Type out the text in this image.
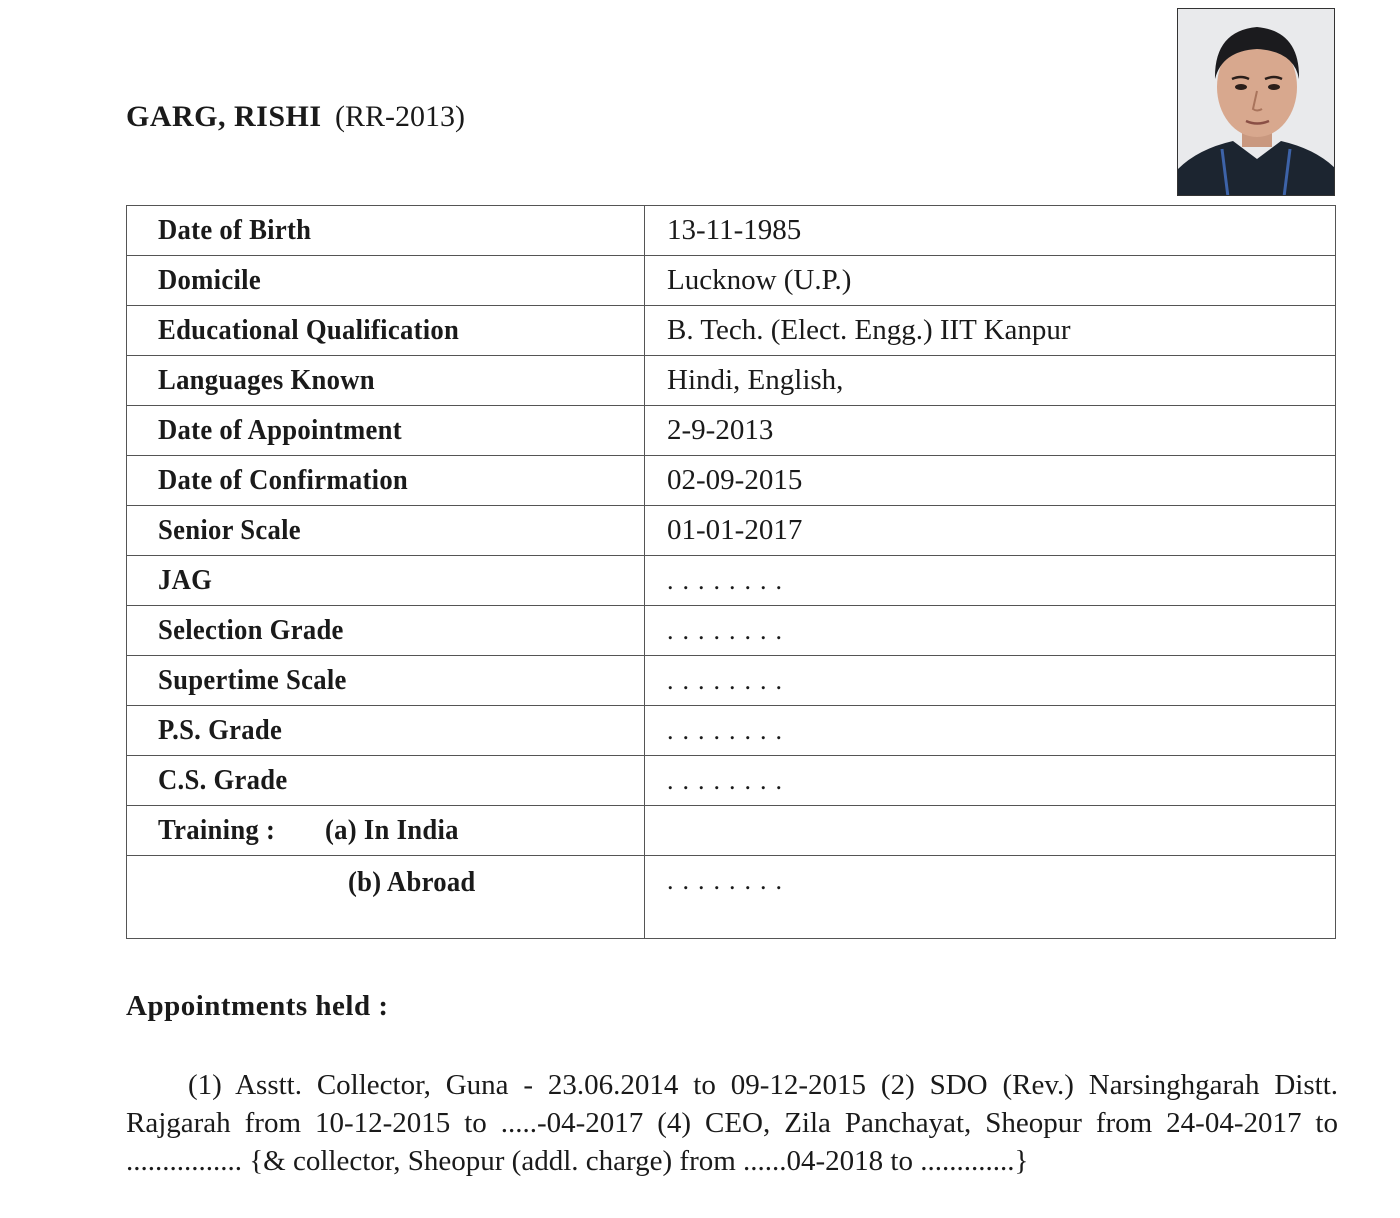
GARG, RISHI (RR-2013)
Date of Birth	13-11-1985
Domicile	Lucknow (U.P.)
Educational Qualification	B. Tech. (Elect. Engg.) IIT Kanpur
Languages Known	Hindi, English,
Date of Appointment	2-9-2013
Date of Confirmation	02-09-2015
Senior Scale	01-01-2017
JAG	........
Selection Grade	........
Supertime Scale	........
P.S. Grade	........
C.S. Grade	........
Training : (a) In India	
(b) Abroad	........
Appointments held :
(1) Asstt. Collector, Guna - 23.06.2014 to 09-12-2015 (2) SDO (Rev.) Narsinghgarah Distt. Rajgarah from 10-12-2015 to .....-04-2017 (4) CEO, Zila Panchayat, Sheopur from 24-04-2017 to ................ {& collector, Sheopur (addl. charge) from ......04-2018 to .............}
